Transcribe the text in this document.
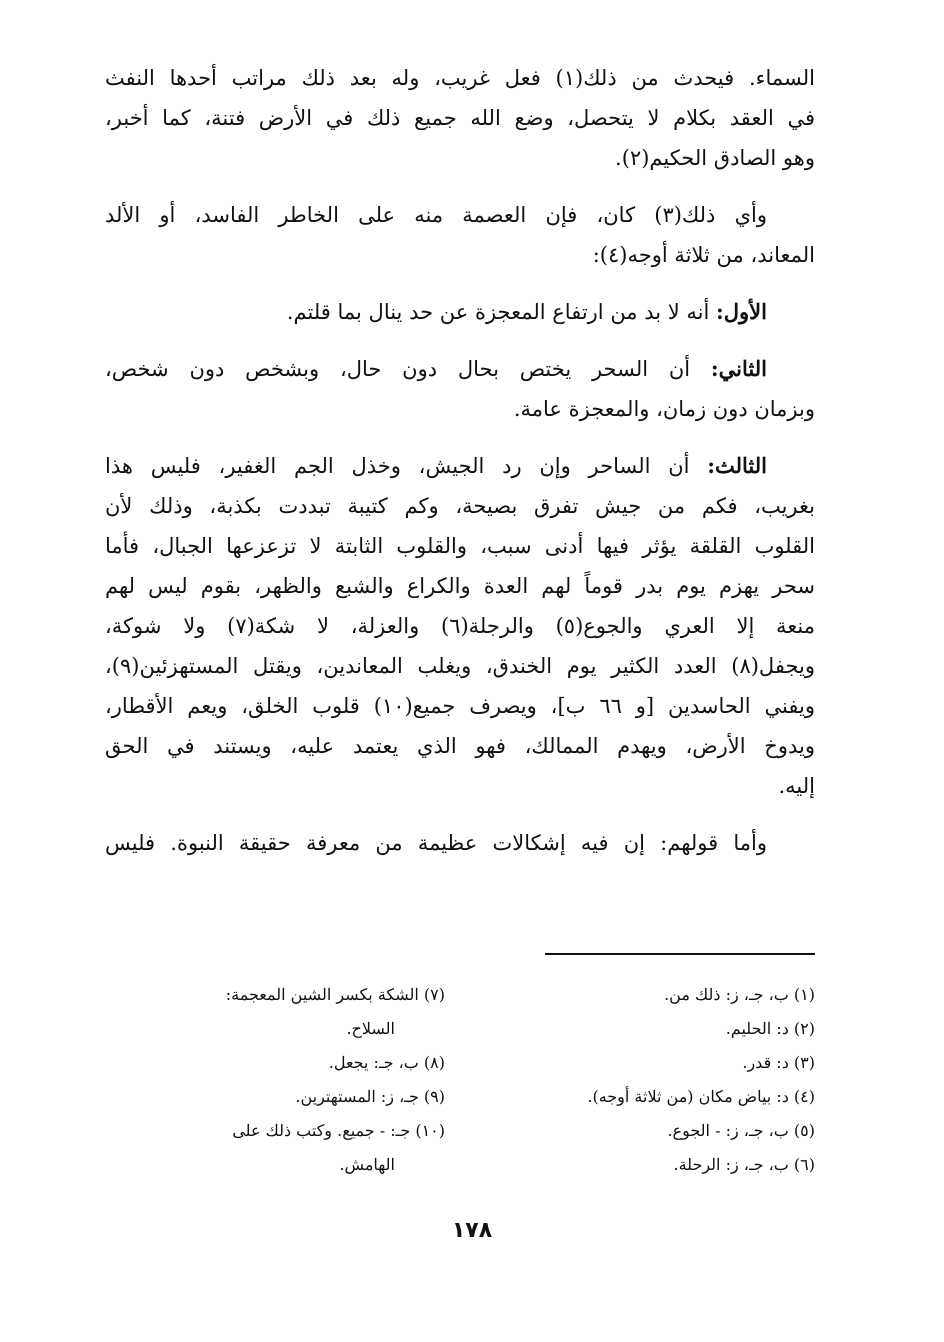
السماء. فيحدث من ذلك(١) فعل غريب، وله بعد ذلك مراتب أحدها النفث
في العقد بكلام لا يتحصل، وضع الله جميع ذلك في الأرض فتنة، كما أخبر،
وهو الصادق الحكيم(٢).
وأي ذلك(٣) كان، فإن العصمة منه على الخاطر الفاسد، أو الألد
المعاند، من ثلاثة أوجه(٤):
الأول: أنه لا بد من ارتفاع المعجزة عن حد ينال بما قلتم.
الثاني: أن السحر يختص بحال دون حال، وبشخص دون شخص،
وبزمان دون زمان، والمعجزة عامة.
الثالث: أن الساحر وإن رد الجيش، وخذل الجم الغفير، فليس هذا
بغريب، فكم من جيش تفرق بصيحة، وكم كتيبة تبددت بكذبة، وذلك لأن
القلوب القلقة يؤثر فيها أدنى سبب، والقلوب الثابتة لا تزعزعها الجبال، فأما
سحر يهزم يوم بدر قوماً لهم العدة والكراع والشبع والظهر، بقوم ليس لهم
منعة إلا العري والجوع(٥) والرجلة(٦) والعزلة، لا شكة(٧) ولا شوكة،
ويجفل(٨) العدد الكثير يوم الخندق، ويغلب المعاندين، ويقتل المستهزئين(٩)،
ويفني الحاسدين [و ٦٦ ب]، ويصرف جميع(١٠) قلوب الخلق، ويعم الأقطار،
ويدوخ الأرض، ويهدم الممالك، فهو الذي يعتمد عليه، ويستند في الحق
إليه.
وأما قولهم: إن فيه إشكالات عظيمة من معرفة حقيقة النبوة. فليس
(١) ب، جـ، ز: ذلك من.
(٢) د: الحليم.
(٣) د: قدر.
(٤) د: بياض مكان (من ثلاثة أوجه).
(٥) ب، جـ، ز: - الجوع.
(٦) ب، جـ، ز: الرحلة.
(٧) الشكة بكسر الشين المعجمة:
السلاح.
(٨) ب، جـ: يجعل.
(٩) جـ، ز: المستهترين.
(١٠) جـ: - جميع. وكتب ذلك على
الهامش.
١٧٨
